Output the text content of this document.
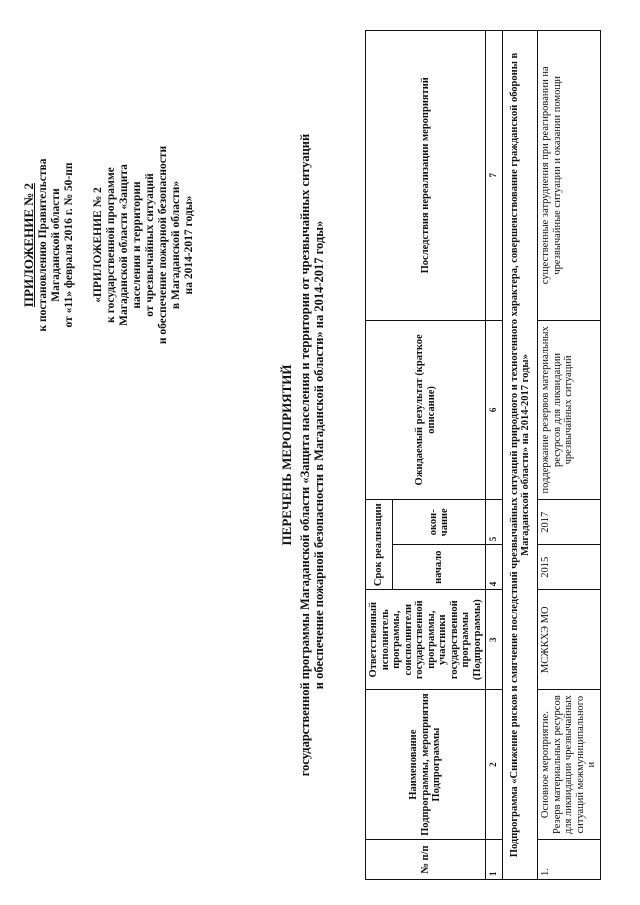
ПРИЛОЖЕНИЕ № 2 к постановлению Правительства Магаданской области от «11» февраля 2016 г. № 50-пп «ПРИЛОЖЕНИЕ № 2 к государственной программе Магаданской области «Защита населения и территории от чрезвычайных ситуаций и обеспечение пожарной безопасности в Магаданской области» на 2014-2017 годы»
ПЕРЕЧЕНЬ МЕРОПРИЯТИЙ государственной программы Магаданской области «Защита населения и территории от чрезвычайных ситуаций и обеспечение пожарной безопасности в Магаданской области» на 2014-2017 годы»
№ п/п	Наименование Подпрограммы, мероприятия Подпрограммы	Ответственный исполнитель программы, соисполнители государственной программы, участники государственной программы (Подпрограммы)	Срок реализации		Ожидаемый результат (краткое описание)	Последствия нереализации мероприятий
			начало	окон-чание		
1	2	3	4	5	6	7
Подпрограмма «Снижение рисков и смягчение последствий чрезвычайных ситуаций природного и техногенного характера, совершенствование гражданской обороны в Магаданской области» на 2014-2017 годы»						
1.	Основное мероприятие. Резерв материальных ресурсов для ликвидации чрезвычайных ситуаций межмуниципального и	МСЖКХЭ МО	2015	2017	поддержание резервов материальных ресурсов для ликвидации чрезвычайных ситуаций	существенные затруднения при реагировании на чрезвычайные ситуации и оказании помощи
